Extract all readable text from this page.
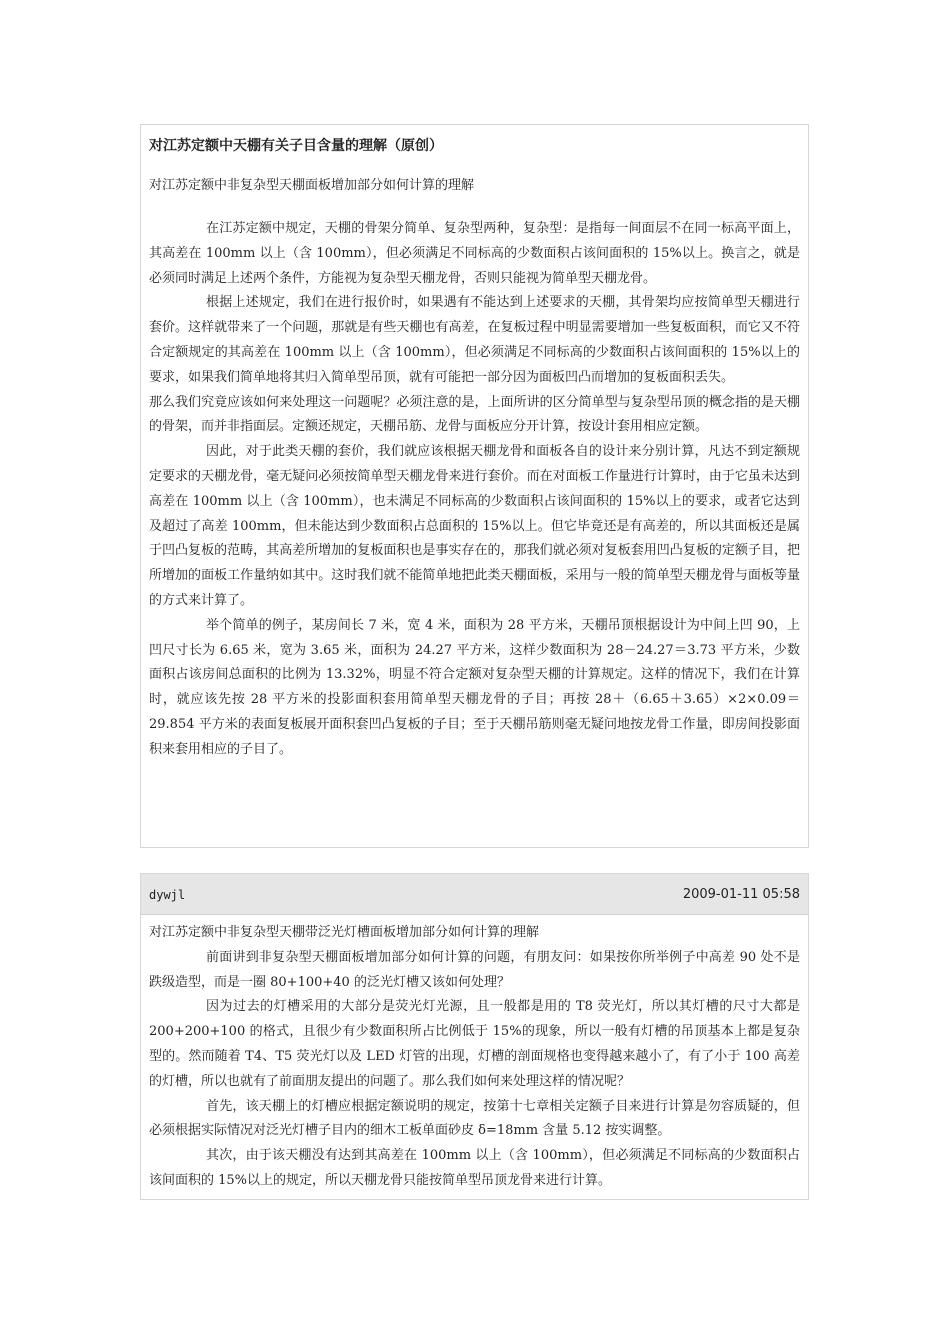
对江苏定额中天棚有关子目含量的理解（原创）
对江苏定额中非复杂型天棚面板增加部分如何计算的理解

在江苏定额中规定，天棚的骨架分简单、复杂型两种，复杂型：是指每一间面层不在同一标高平面上，其高差在 100mm 以上（含 100mm），但必须满足不同标高的少数面积占该间面积的 15%以上。换言之，就是必须同时满足上述两个条件，方能视为复杂型天棚龙骨，否则只能视为简单型天棚龙骨。

根据上述规定，我们在进行报价时，如果遇有不能达到上述要求的天棚，其骨架均应按简单型天棚进行套价。这样就带来了一个问题，那就是有些天棚也有高差，在复板过程中明显需要增加一些复板面积，而它又不符合定额规定的其高差在 100mm 以上（含 100mm），但必须满足不同标高的少数面积占该间面积的 15%以上的要求，如果我们简单地将其归入简单型吊顶，就有可能把一部分因为面板凹凸而增加的复板面积丢失。

那么我们究竟应该如何来处理这一问题呢？必须注意的是，上面所讲的区分简单型与复杂型吊顶的概念指的是天棚的骨架，而并非指面层。定额还规定，天棚吊筋、龙骨与面板应分开计算，按设计套用相应定额。

因此，对于此类天棚的套价，我们就应该根据天棚龙骨和面板各自的设计来分别计算，凡达不到定额规定要求的天棚龙骨，毫无疑问必须按简单型天棚龙骨来进行套价。而在对面板工作量进行计算时，由于它虽未达到高差在 100mm 以上（含 100mm），也未满足不同标高的少数面积占该间面积的 15%以上的要求，或者它达到及超过了高差 100mm，但未能达到少数面积占总面积的 15%以上。但它毕竟还是有高差的，所以其面板还是属于凹凸复板的范畴，其高差所增加的复板面积也是事实存在的，那我们就必须对复板套用凹凸复板的定额子目，把所增加的面板工作量纳如其中。这时我们就不能简单地把此类天棚面板，采用与一般的简单型天棚龙骨与面板等量的方式来计算了。

举个简单的例子，某房间长 7 米，宽 4 米，面积为 28 平方米，天棚吊顶根据设计为中间上凹 90，上凹尺寸长为 6.65 米，宽为 3.65 米，面积为 24.27 平方米，这样少数面积为 28－24.27＝3.73 平方米，少数面积占该房间总面积的比例为 13.32%，明显不符合定额对复杂型天棚的计算规定。这样的情况下，我们在计算时，就应该先按 28 平方米的投影面积套用简单型天棚龙骨的子目；再按 28＋（6.65＋3.65）×2×0.09＝29.854 平方米的表面复板展开面积套凹凸复板的子目；至于天棚吊筋则毫无疑问地按龙骨工作量，即房间投影面积来套用相应的子目了。

dywjl	2009-01-11 05:58

对江苏定额中非复杂型天棚带泛光灯槽面板增加部分如何计算的理解

前面讲到非复杂型天棚面板增加部分如何计算的问题，有朋友问：如果按你所举例子中高差 90 处不是跌级造型，而是一圈 80+100+40 的泛光灯槽又该如何处理？

因为过去的灯槽采用的大部分是荧光灯光源，且一般都是用的 T8 荧光灯，所以其灯槽的尺寸大都是 200+200+100 的格式，且很少有少数面积所占比例低于 15%的现象，所以一般有灯槽的吊顶基本上都是复杂型的。然而随着 T4、T5 荧光灯以及 LED 灯管的出现，灯槽的剖面规格也变得越来越小了，有了小于 100 高差的灯槽，所以也就有了前面朋友提出的问题了。那么我们如何来处理这样的情况呢？

首先，该天棚上的灯槽应根据定额说明的规定，按第十七章相关定额子目来进行计算是勿容质疑的，但必须根据实际情况对泛光灯槽子目内的细木工板单面砂皮 δ=18mm 含量 5.12 按实调整。

其次，由于该天棚没有达到其高差在 100mm 以上（含 100mm），但必须满足不同标高的少数面积占该间面积的 15%以上的规定，所以天棚龙骨只能按简单型吊顶龙骨来进行计算。
